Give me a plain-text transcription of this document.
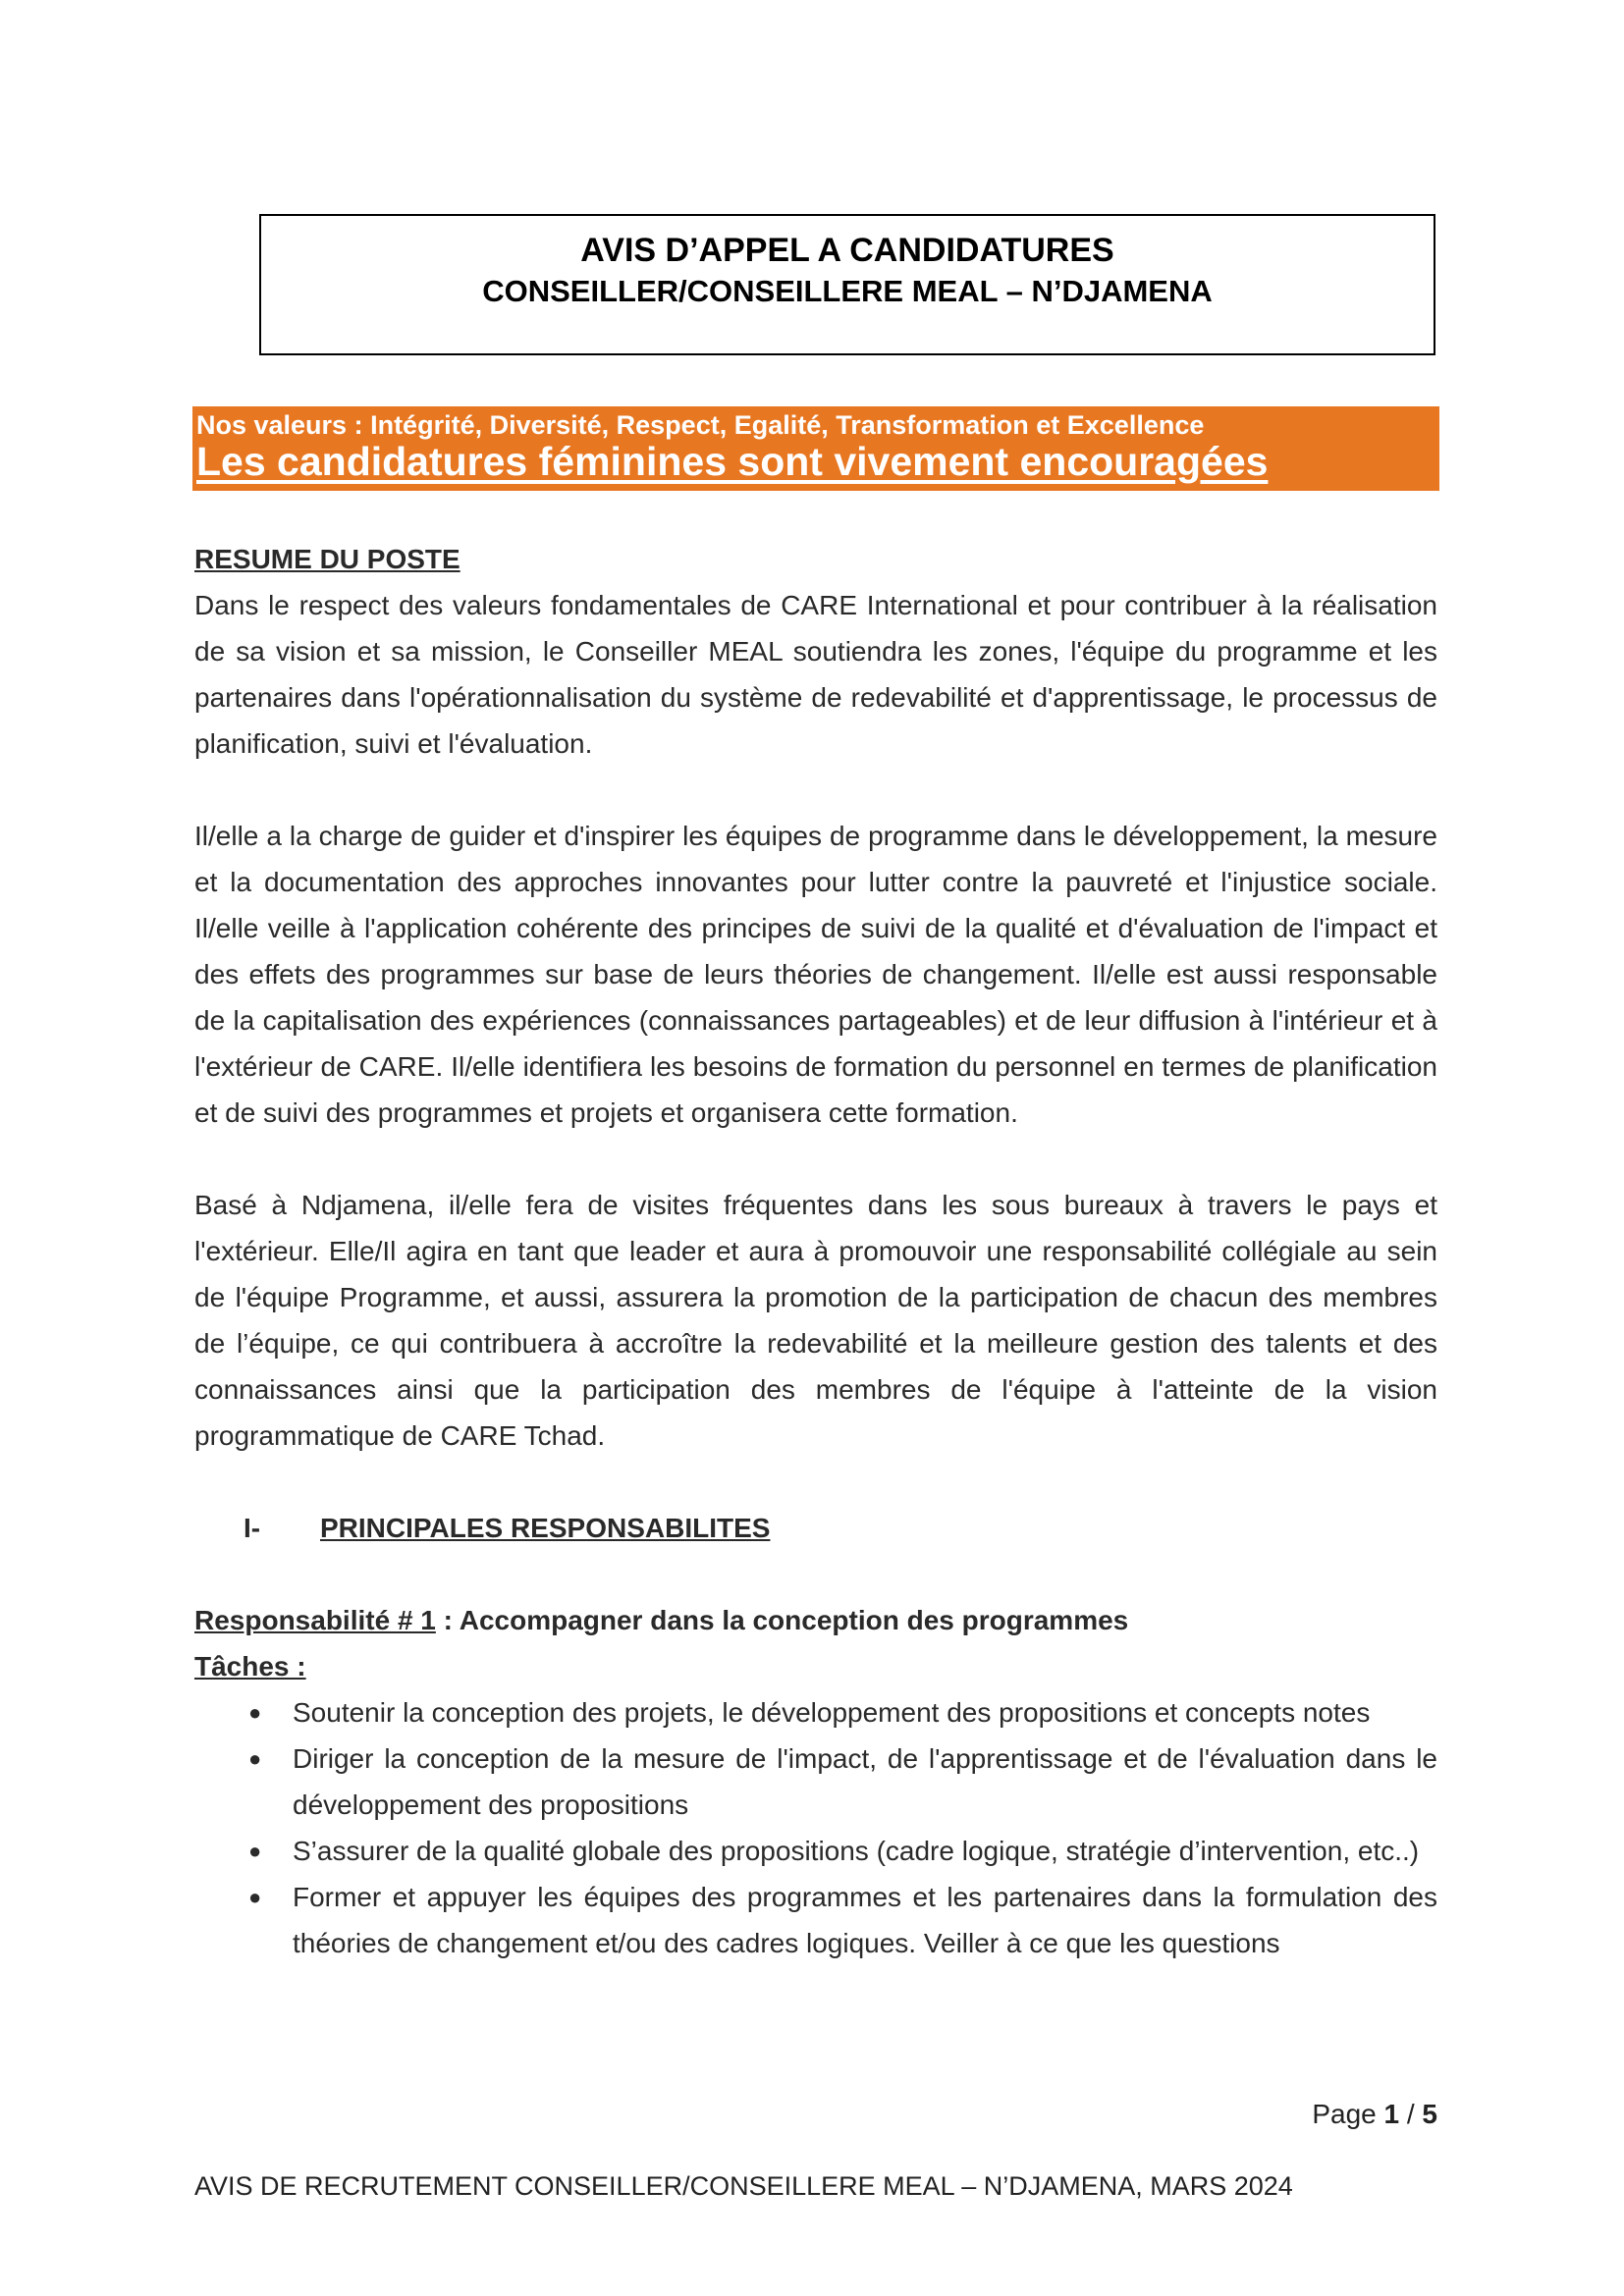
AVIS D’APPEL A CANDIDATURES
CONSEILLER/CONSEILLERE MEAL – N’DJAMENA
Nos valeurs : Intégrité, Diversité, Respect, Egalité, Transformation et Excellence
Les candidatures féminines sont vivement encouragées

RESUME DU POSTE

Dans le respect des valeurs fondamentales de CARE International et pour contribuer à la réalisation de sa vision et sa mission, le Conseiller MEAL soutiendra les zones, l'équipe du programme et les partenaires dans l'opérationnalisation du système de redevabilité et d'apprentissage, le processus de planification, suivi et l'évaluation.

Il/elle a la charge de guider et d'inspirer les équipes de programme dans le développement, la mesure et la documentation des approches innovantes pour lutter contre la pauvreté et l'injustice sociale. Il/elle veille à l'application cohérente des principes de suivi de la qualité et d'évaluation de l'impact et des effets des programmes sur base de leurs théories de changement. Il/elle est aussi responsable de la capitalisation des expériences (connaissances partageables) et de leur diffusion à l'intérieur et à l'extérieur de CARE. Il/elle identifiera les besoins de formation du personnel en termes de planification et de suivi des programmes et projets et organisera cette formation.

Basé à Ndjamena, il/elle fera de visites fréquentes dans les sous bureaux à travers le pays et l'extérieur. Elle/Il agira en tant que leader et aura à promouvoir une responsabilité collégiale au sein de l'équipe Programme, et aussi, assurera la promotion de la participation de chacun des membres de l’équipe, ce qui contribuera à accroître la redevabilité et la meilleure gestion des talents et des connaissances ainsi que la participation des membres de l'équipe à l'atteinte de la vision programmatique de CARE Tchad.

I- PRINCIPALES RESPONSABILITES

Responsabilité # 1 : Accompagner dans la conception des programmes

Tâches :

● Soutenir la conception des projets, le développement des propositions et concepts notes
● Diriger la conception de la mesure de l'impact, de l'apprentissage et de l'évaluation dans le développement des propositions
● S’assurer de la qualité globale des propositions (cadre logique, stratégie d’intervention, etc..)
● Former et appuyer les équipes des programmes et les partenaires dans la formulation des théories de changement et/ou des cadres logiques. Veiller à ce que les questions
Page 1 / 5
AVIS DE RECRUTEMENT CONSEILLER/CONSEILLERE MEAL – N’DJAMENA, MARS 2024
